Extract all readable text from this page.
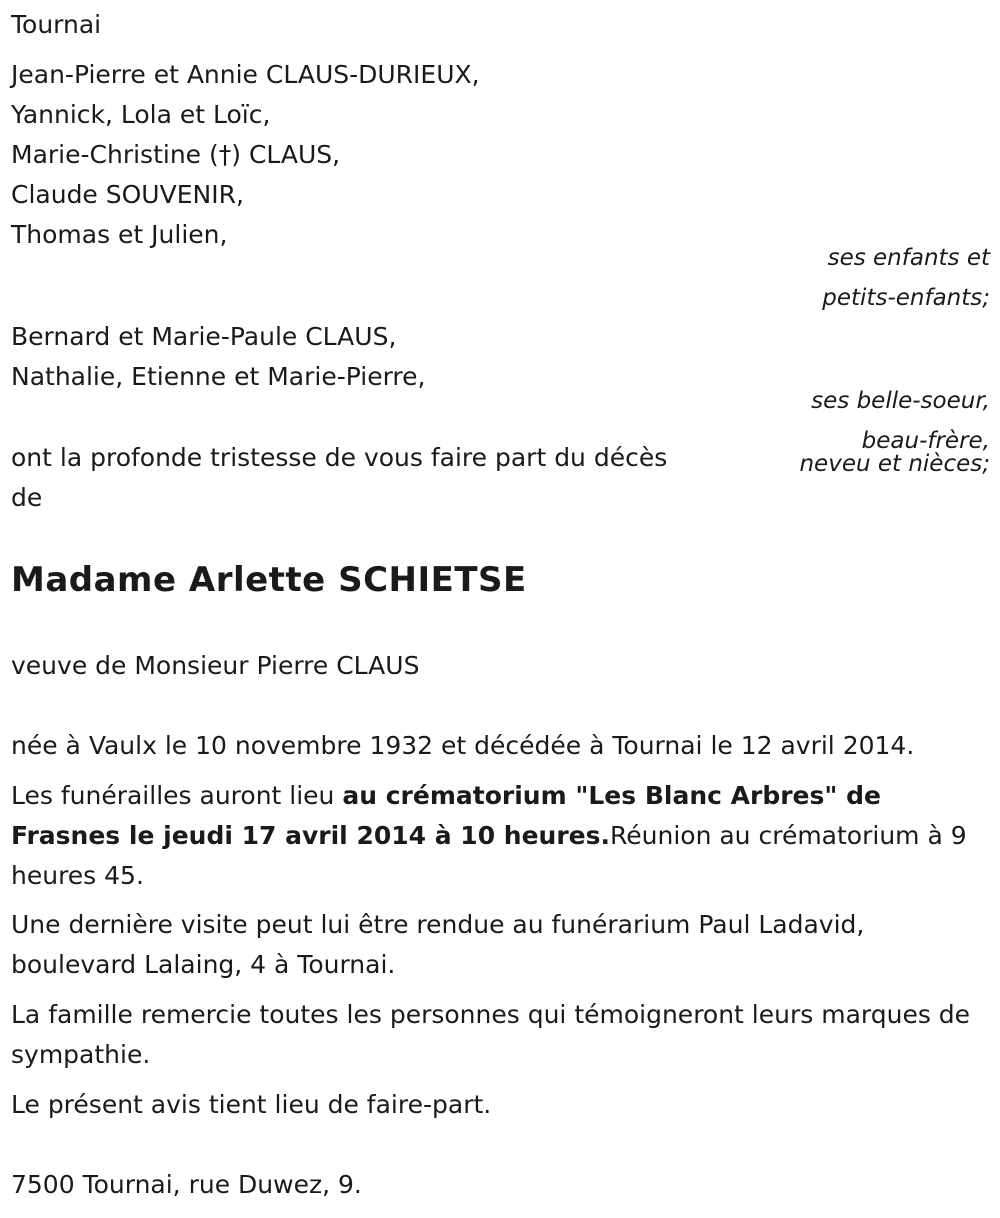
Tournai
Jean-Pierre et Annie CLAUS-DURIEUX,
Yannick, Lola et Loïc,
Marie-Christine (†) CLAUS,
Claude SOUVENIR,
Thomas et Julien,
ses enfants et
petits-enfants;
Bernard et Marie-Paule CLAUS,
Nathalie, Etienne et Marie-Pierre,
ses belle-soeur,
beau-frère,
neveu et nièces;
ont la profonde tristesse de vous faire part du décès
de
Madame Arlette SCHIETSE
veuve de Monsieur Pierre CLAUS
née à Vaulx le 10 novembre 1932 et décédée à Tournai le 12 avril 2014.
Les funérailles auront lieu au crématorium "Les Blanc Arbres" de Frasnes le jeudi 17 avril 2014 à 10 heures.Réunion au crématorium à 9 heures 45.
Une dernière visite peut lui être rendue au funérarium Paul Ladavid, boulevard Lalaing, 4 à Tournai.
La famille remercie toutes les personnes qui témoigneront leurs marques de sympathie.
Le présent avis tient lieu de faire-part.
7500 Tournai, rue Duwez, 9.
